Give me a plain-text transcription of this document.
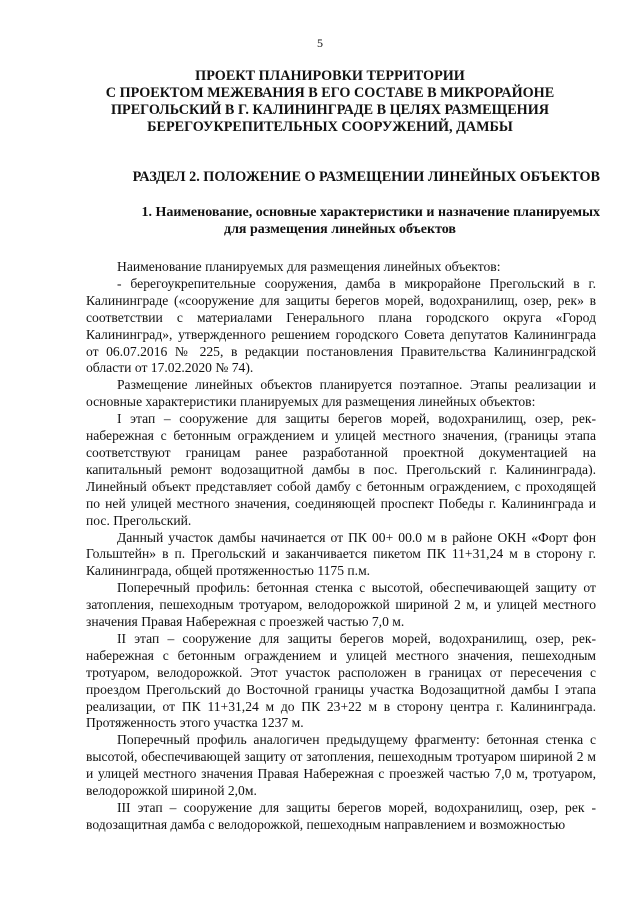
5
ПРОЕКТ ПЛАНИРОВКИ ТЕРРИТОРИИ
С ПРОЕКТОМ МЕЖЕВАНИЯ В ЕГО СОСТАВЕ В МИКРОРАЙОНЕ
ПРЕГОЛЬСКИЙ В Г. КАЛИНИНГРАДЕ В ЦЕЛЯХ РАЗМЕЩЕНИЯ
БЕРЕГОУКРЕПИТЕЛЬНЫХ СООРУЖЕНИЙ, ДАМБЫ
РАЗДЕЛ 2. ПОЛОЖЕНИЕ О РАЗМЕЩЕНИИ ЛИНЕЙНЫХ ОБЪЕКТОВ
1. Наименование, основные характеристики и назначение планируемых
для размещения линейных объектов

Наименование планируемых для размещения линейных объектов:

- берегоукрепительные сооружения, дамба в микрорайоне Прегольский в г. Калининграде («сооружение для защиты берегов морей, водохранилищ, озер, рек» в соответствии с материалами Генерального плана городского округа «Город Калининград», утвержденного решением городского Совета депутатов Калининграда от 06.07.2016 № 225, в редакции постановления Правительства Калининградской области от 17.02.2020 № 74).

Размещение линейных объектов планируется поэтапное. Этапы реализации и основные характеристики планируемых для размещения линейных объектов:

I этап – сооружение для защиты берегов морей, водохранилищ, озер, рек-набережная с бетонным ограждением и улицей местного значения, (границы этапа соответствуют границам ранее разработанной проектной документацией на капитальный ремонт водозащитной дамбы в пос. Прегольский г. Калининграда). Линейный объект представляет собой дамбу с бетонным ограждением, с проходящей по ней улицей местного значения, соединяющей проспект Победы г. Калининграда и пос. Прегольский.

Данный участок дамбы начинается от ПК 00+ 00.0 м в районе ОКН «Форт фон Гольштейн» в п. Прегольский и заканчивается пикетом ПК 11+31,24 м в сторону г. Калининграда, общей протяженностью 1175 п.м.

Поперечный профиль: бетонная стенка с высотой, обеспечивающей защиту от затопления, пешеходным тротуаром, велодорожкой шириной 2 м, и улицей местного значения Правая Набережная с проезжей частью 7,0 м.

II этап – сооружение для защиты берегов морей, водохранилищ, озер, рек-набережная с бетонным ограждением и улицей местного значения, пешеходным тротуаром, велодорожкой. Этот участок расположен в границах от пересечения с проездом Прегольский до Восточной границы участка Водозащитной дамбы I этапа реализации, от ПК 11+31,24 м до ПК 23+22 м в сторону центра г. Калининграда. Протяженность этого участка 1237 м.

Поперечный профиль аналогичен предыдущему фрагменту: бетонная стенка с высотой, обеспечивающей защиту от затопления, пешеходным тротуаром шириной 2 м и улицей местного значения Правая Набережная с проезжей частью 7,0 м, тротуаром, велодорожкой шириной 2,0м.

III этап – сооружение для защиты берегов морей, водохранилищ, озер, рек - водозащитная дамба с велодорожкой, пешеходным направлением и возможностью
